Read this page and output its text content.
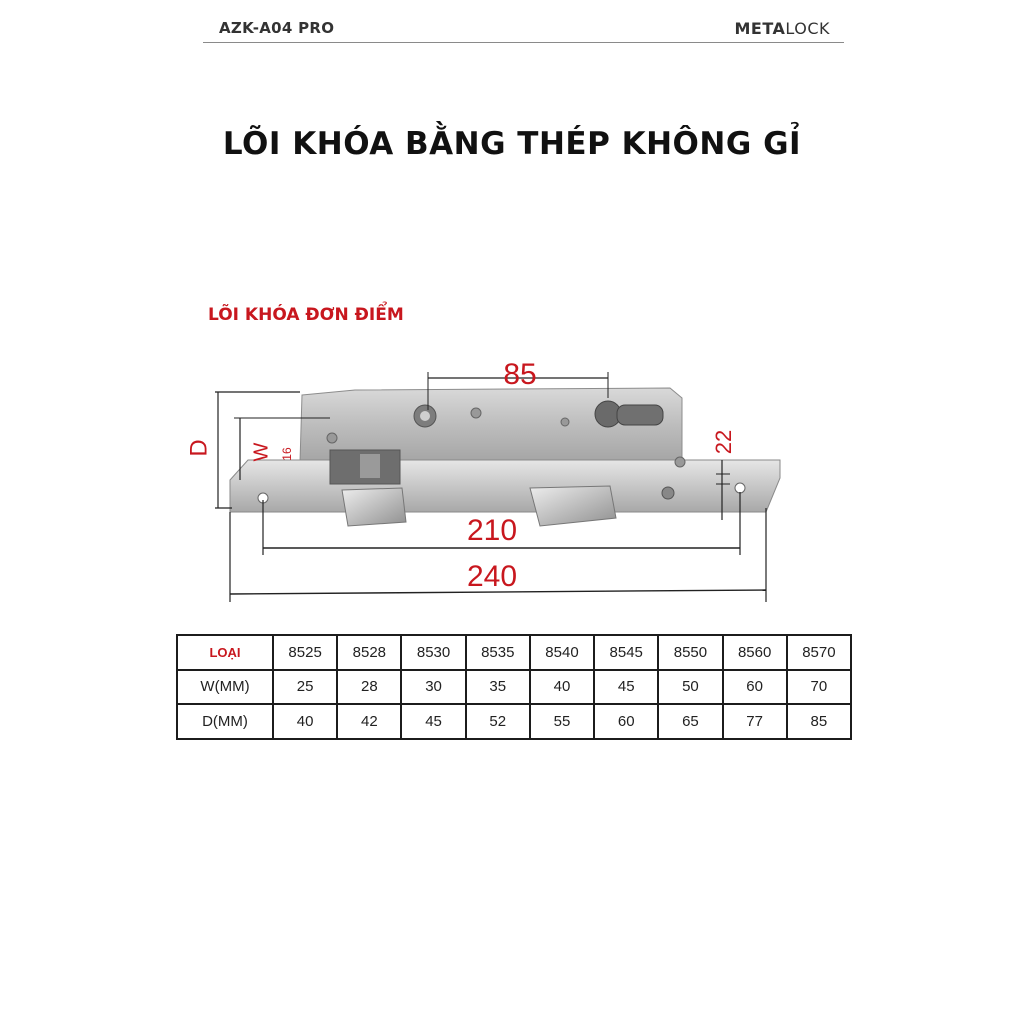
AZK-A04 PRO	METALOCK
LÕI KHÓA BẰNG THÉP KHÔNG GỈ
LÕI KHÓA ĐƠN ĐIỂM
D W 16
85
22
210
240
LOẠI	8525	8528	8530	8535	8540	8545	8550	8560	8570
W(MM)	25	28	30	35	40	45	50	60	70
D(MM)	40	42	45	52	55	60	65	77	85
